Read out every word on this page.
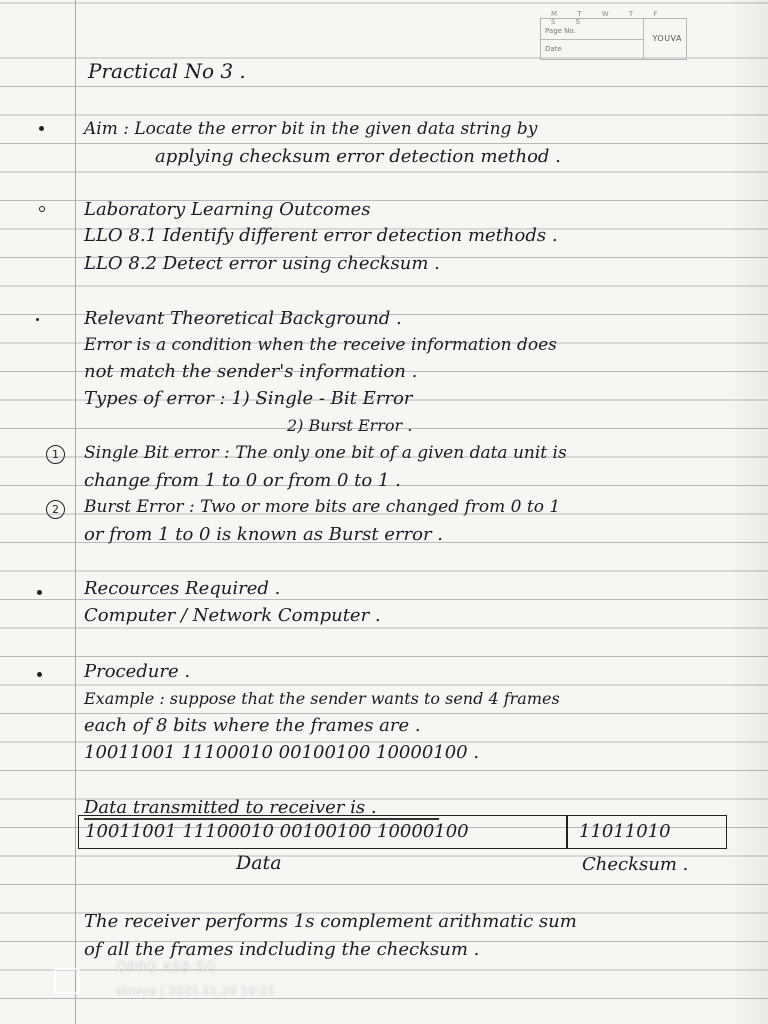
M T W T F S S
Page No.
Date
YOUVA
Practical No 3 .
Aim : Locate the error bit in the given data string by
applying checksum error detection method .
Laboratory Learning Outcomes
LLO 8.1 Identify different error detection methods .
LLO 8.2 Detect error using checksum .
Relevant Theoretical Background .
Error is a condition when the receive information does
not match the sender's information .
Types of error : 1) Single - Bit Error
2) Burst Error .
1	Single Bit error : The only one bit of a given data unit is
change from 1 to 0 or from 0 to 1 .
2	Burst Error : Two or more bits are changed from 0 to 1
or from 1 to 0 is known as Burst error .
Recources Required .
Computer / Network Computer .
Procedure .
Example : suppose that the sender wants to send 4 frames
each of 8 bits where the frames are .
10011001 11100010 00100100 10000100 .
Data transmitted to receiver is .
10011001 11100010 00100100 10000100	11011010
Data	Checksum .
The receiver performs 1s complement arithmatic sum
of all the frames indcluding the checksum .
OPPO A59 5G
shreya | 2025.01.20 19:15
